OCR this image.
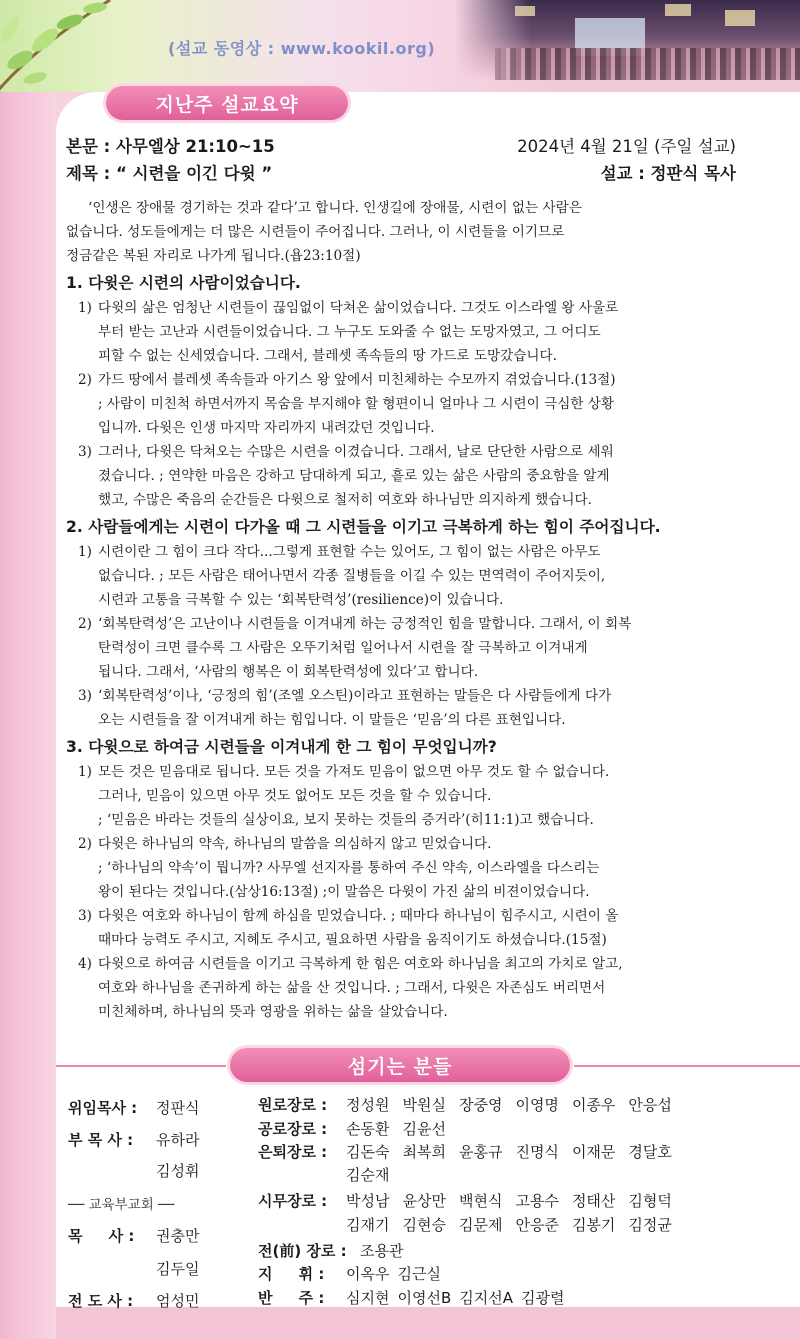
(설교 동영상 : www.kookil.org)
지난주 설교요약
본문 : 사무엘상 21:10~15	2024년 4월 21일 (주일 설교)
제목 : “ 시련을 이긴 다윗 ”	설교 : 정판식 목사

‘인생은 장애물 경기하는 것과 같다’고 합니다. 인생길에 장애물, 시련이 없는 사람은
없습니다. 성도들에게는 더 많은 시련들이 주어집니다. 그러나, 이 시련들을 이기므로
정금같은 복된 자리로 나가게 됩니다.(욥23:10절)

1. 다윗은 시련의 사람이었습니다.
1) 다윗의 삶은 엄청난 시련들이 끊임없이 닥쳐온 삶이었습니다. 그것도 이스라엘 왕 사울로
부터 받는 고난과 시련들이었습니다. 그 누구도 도와줄 수 없는 도망자였고, 그 어디도
피할 수 없는 신세였습니다. 그래서, 블레셋 족속들의 땅 가드로 도망갔습니다.
2) 가드 땅에서 블레셋 족속들과 아기스 왕 앞에서 미친체하는 수모까지 겪었습니다.(13절)
; 사람이 미친척 하면서까지 목숨을 부지해야 할 형편이니 얼마나 그 시련이 극심한 상황
입니까. 다윗은 인생 마지막 자리까지 내려갔던 것입니다.
3) 그러나, 다윗은 닥쳐오는 수많은 시련을 이겼습니다. 그래서, 날로 단단한 사람으로 세워
졌습니다. ; 연약한 마음은 강하고 담대하게 되고, 흩로 있는 삶은 사람의 중요함을 알게
했고, 수많은 죽음의 순간들은 다윗으로 철저히 여호와 하나님만 의지하게 했습니다.
2. 사람들에게는 시련이 다가올 때 그 시련들을 이기고 극복하게 하는 힘이 주어집니다.
1) 시련이란 그 힘이 크다 작다...그렇게 표현할 수는 있어도, 그 힘이 없는 사람은 아무도
없습니다. ; 모든 사람은 태어나면서 각종 질병들을 이길 수 있는 면역력이 주어지듯이,
시련과 고통을 극복할 수 있는 ‘회복탄력성’(resilience)이 있습니다.
2) ‘회복탄력성’은 고난이나 시련들을 이겨내게 하는 긍정적인 힘을 말합니다. 그래서, 이 회복
탄력성이 크면 클수록 그 사람은 오뚜기처럼 일어나서 시련을 잘 극복하고 이겨내게
됩니다. 그래서, ‘사람의 행복은 이 회복탄력성에 있다’고 합니다.
3) ‘회복탄력성’이나, ‘긍정의 힘’(조엘 오스틴)이라고 표현하는 말들은 다 사람들에게 다가
오는 시련들을 잘 이겨내게 하는 힘입니다. 이 말들은 ‘믿음’의 다른 표현입니다.
3. 다윗으로 하여금 시련들을 이겨내게 한 그 힘이 무엇입니까?
1) 모든 것은 믿음대로 됩니다. 모든 것을 가져도 믿음이 없으면 아무 것도 할 수 없습니다.
그러나, 믿음이 있으면 아무 것도 없어도 모든 것을 할 수 있습니다.
; ‘믿음은 바라는 것들의 실상이요, 보지 못하는 것들의 증거라’(히11:1)고 했습니다.
2) 다윗은 하나님의 약속, 하나님의 말씀을 의심하지 않고 믿었습니다.
; ‘하나님의 약속’이 뭡니까? 사무엘 선지자를 통하여 주신 약속, 이스라엘을 다스리는
왕이 된다는 것입니다.(삼상16:13절) ;이 말씀은 다윗이 가진 삶의 비젼이었습니다.
3) 다윗은 여호와 하나님이 함께 하심을 믿었습니다. ; 때마다 하나님이 힘주시고, 시련이 올
때마다 능력도 주시고, 지혜도 주시고, 필요하면 사람을 움직이기도 하셨습니다.(15절)
4) 다윗으로 하여금 시련들을 이기고 극복하게 한 힘은 여호와 하나님을 최고의 가치로 알고,
여호와 하나님을 존귀하게 하는 삶을 산 것입니다. ; 그래서, 다윗은 자존심도 버리면서
미친체하며, 하나님의 뜻과 영광을 위하는 삶을 살았습니다.
섬기는 분들
위임목사 : 정판식
부 목 사 : 유하라
김성휘
── 교육부교회 ──
목     사 : 권충만
김두일
전 도 사 : 엄성민
원로장로 : 정성원 박원실 장중영 이영명 이종우 안응섭
공로장로 : 손동환 김윤선
은퇴장로 : 김돈숙 최복희 윤홍규 진명식 이재문 경달호
김순재
시무장로 : 박성남 윤상만 백현식 고용수 정태산 김형덕
김재기 김현승 김문제 안응준 김봉기 김정균
전(前) 장로 : 조용관
지     휘 : 이옥우 김근실
반     주 : 심지현 이영선B 김지선A 김광렬
